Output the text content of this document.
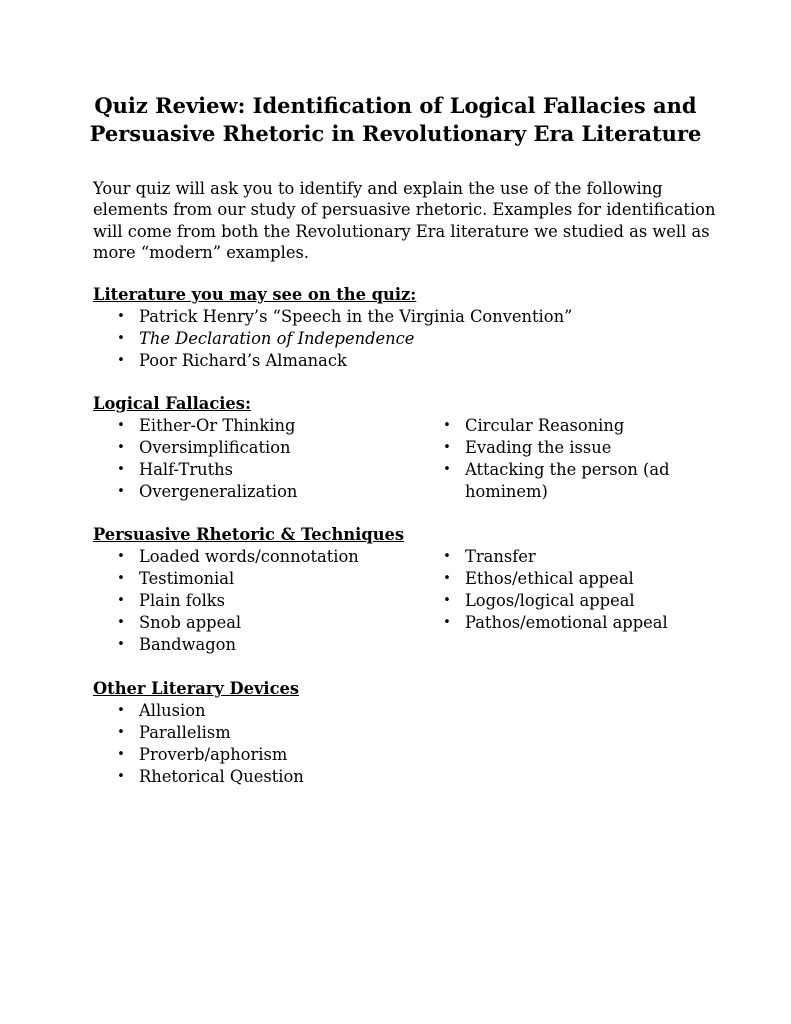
Quiz Review: Identification of Logical Fallacies and
Persuasive Rhetoric in Revolutionary Era Literature

Your quiz will ask you to identify and explain the use of the following
elements from our study of persuasive rhetoric. Examples for identification
will come from both the Revolutionary Era literature we studied as well as
more “modern” examples.

Literature you may see on the quiz:
• Patrick Henry’s “Speech in the Virginia Convention”
• The Declaration of Independence
• Poor Richard’s Almanack
Logical Fallacies:
• Either-Or Thinking
• Oversimplification
• Half-Truths
• Overgeneralization
• Circular Reasoning
• Evading the issue
• Attacking the person (ad
hominem)
Persuasive Rhetoric & Techniques
• Loaded words/connotation
• Testimonial
• Plain folks
• Snob appeal
• Bandwagon
• Transfer
• Ethos/ethical appeal
• Logos/logical appeal
• Pathos/emotional appeal
Other Literary Devices
• Allusion
• Parallelism
• Proverb/aphorism
• Rhetorical Question
